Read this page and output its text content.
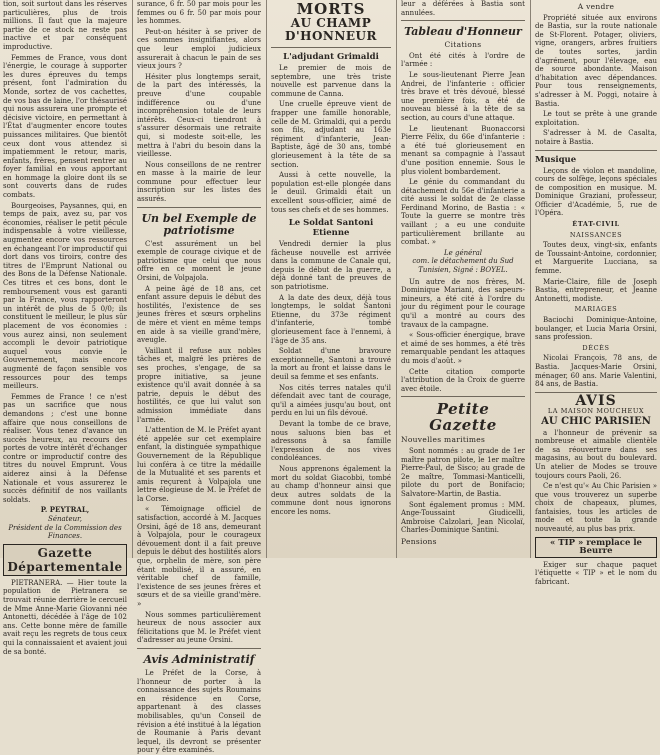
tion, soit surtout dans les réserves particulières, plus de trois millions. Il faut que la majeure partie de ce stock ne reste pas inactive et par conséquent improductive.

Femmes de France, vous dont l'énergie, le courage à supporter les dures épreuves du temps présent, font l'admiration du Monde, sortez de vos cachettes, de vos bas de laine, l'or thésaurisé qui nous assurera une prompte et décisive victoire, en permettant à l'État d'augmenter encore toutes puissances militaires. Que bientôt ceux dont vous attendez si impatiemment le retour, maris, enfants, frères, pensent rentrer au foyer familial en vous apportant en hommage la gloire dont ils se sont couverts dans de rudes combats.

Bourgeoises, Paysannes, qui, en temps de paix, avez su, par vos économies, réaliser le petit pécule indispensable à votre vieillesse, augmentez encore vos ressources en échangeant l'or improductif qui dort dans vos tiroirs, contre des titres de l'Emprunt National ou des Bons de la Défense Nationale. Ces titres et ces bons, dont le remboursement vous est garanti par la France, vous rapporteront un intérêt de plus de 5 0/0; ils constituent le meilleur, le plus sûr placement de vos économies : vous aurez ainsi, non seulement accompli le devoir patriotique auquel vous convie le Gouvernement, mais encore augmenté de façon sensible vos ressources pour des temps meilleurs.

Femmes de France ! ce n'est pas un sacrifice que nous demandons ; c'est une bonne affaire que nous conseillons de réaliser. Vous tenez d'avance un succès heureux, au recours des portes de votre intérêt d'échanger contre or improductif contre des titres du nouvel Emprunt. Vous aiderez ainsi à la Défense Nationale et vous assurerez le succès définitif de nos vaillants soldats.

P. PEYTRAL,
Sénateur,
Président de la Commission des Finances.
Gazette Départementale

PIETRANERA. — Hier toute la population de Pietranera se trouvait réunie derrière le cercueil de Mme Anne-Marie Giovanni née Antonetti, décédée à l'âge de 102 ans. Cette bonne mère de famille avait reçu les regrets de tous ceux qui la connaissaient et avaient joui de sa bonté.

surance, 6 fr. 50 par mois pour les femmes ou 6 fr. 50 par mois pour les hommes.

Peut-on hésiter à se priver de ces sommes insignifiantes, alors que leur emploi judicieux assurerait à chacun le pain de ses vieux jours ?

Hésiter plus longtemps serait, de la part des intéressés, la preuve d'une coupable indifférence ou d'une incompréhension totale de leurs intérêts. Ceux-ci tiendront à s'assurer désormais une retraite qui, si modeste soit-elle, les mettra à l'abri du besoin dans la vieillesse.

Nous conseillons de ne rentrer en masse à la mairie de leur commune pour effectuer leur inscription sur les listes des assurés.

Un bel Exemple de patriotisme

C'est assurément un bel exemple de courage civique et de patriotisme que celui que nous offre en ce moment le jeune Orsini, de Volpajola.

A peine âgé de 18 ans, cet enfant assure depuis le début des hostilités, l'existence de ses jeunes frères et sœurs orphelins de mère et vient en même temps en aide à sa vieille grand'mère, aveugle.

Vaillant il refuse aux nobles tâches et, malgré les prières de ses proches, s'engage, de sa propre initiative, sa jeune existence qu'il avait donnée à sa patrie, depuis le début des hostilités, ce que lui valut son admission immédiate dans l'armée.

L'attention de M. le Préfet ayant été appelée sur cet exemplaire enfant, la distinguée sympathique Gouvernement de la République lui conféra à ce titre la médaille de la Mutualité et ses parents et amis reçurent à Volpajola une lettre élogieuse de M. le Préfet de la Corse.

« Témoignage officiel de satisfaction, accordé à M. Jacques Orsini, âgé de 18 ans, demeurant à Volpajola, pour le courageux dévouement dont il a fait preuve depuis le début des hostilités alors que, orphelin de mère, son père étant mobilisé, il a assuré, en véritable chef de famille, l'existence de ses jeunes frères et sœurs et de sa vieille grand'mère. »

Nous sommes particulièrement heureux de nous associer aux félicitations que M. le Préfet vient d'adresser au jeune Orsini.

Avis Administratif

Le Préfet de la Corse, à l'honneur de porter à la connaissance des sujets Roumains en résidence en Corse, appartenant à des classes mobilisables, qu'un Conseil de révision a été institué à la légation de Roumanie à Paris devant lequel, ils devront se présenter pour y être examinés.

MORTS
AU CHAMP D'HONNEUR
L'adjudant Grimaldi

Le premier de mois de septembre, une très triste nouvelle est parvenue dans la commune de Canna.

Une cruelle épreuve vient de frapper une famille honorable, celle de M. Grimaldi, qui a perdu son fils, adjudant au 163e régiment d'infanterie, Jean-Baptiste, âgé de 30 ans, tombé glorieusement à la tête de sa section.

Aussi à cette nouvelle, la population est-elle plongée dans le deuil. Grimaldi était un excellent sous-officier, aimé de tous ses chefs et de ses hommes.

Le Soldat Santoni Etienne

Vendredi dernier la plus fâcheuse nouvelle est arrivée dans la commune de Canale qui, depuis le début de la guerre, a déjà donné tant de preuves de son patriotisme.

A la date des deux, déjà tous longtemps, le soldat Santoni Etienne, du 373e régiment d'infanterie, tombé glorieusement face à l'ennemi, à l'âge de 35 ans.

Soldat d'une bravoure exceptionnelle, Santoni a trouvé la mort au front et laisse dans le deuil sa femme et ses enfants.

Nos cités terres natales qu'il défendait avec tant de courage, qu'il a aimées jusqu'au bout, ont perdu en lui un fils dévoué.

Devant la tombe de ce brave, nous saluons bien bas et adressons à sa famille l'expression de nos vives condoléances.

Nous apprenons également la mort du soldat Giacobbi, tombé au champ d'honneur ainsi que deux autres soldats de la commune dont nous ignorons encore les noms.

leur a déférées à Bastia sont annulées.

Tableau d'Honneur
Citations

Ont été cités à l'ordre de l'armée :

Le sous-lieutenant Pierre Jean Andrei, de l'infanterie : officier très brave et très dévoué, blessé une première fois, a été de nouveau blessé à la tête de sa section, au cours d'une attaque.

Le lieutenant Buonaccorsi Pierre Félix, du 66e d'infanterie : a été tué glorieusement en menant sa compagnie à l'assaut d'une position ennemie. Sous le plus violent bombardement.

Le génie du commandant du détachement du 56e d'infanterie a cité aussi le soldat de 2e classe Ferdinand Morino, de Bastia : « Toute la guerre se montre très vaillant ; a eu une conduite particulièrement brillante au combat. »

Le général
com. le détachement du Sud Tunisien, Signé : BOYEL.

Un autre de nos frères, M. Dominique Mariani, des sapeurs-mineurs, a été cité à l'ordre du jour du régiment pour le courage qu'il a montré au cours des travaux de la campagne.

« Sous-officier énergique, brave et aimé de ses hommes, a été très remarquable pendant les attaques du mois d'août. »

Cette citation comporte l'attribution de la Croix de guerre avec étoile.

Petite Gazette
Nouvelles maritimes

Sont nommés : au grade de 1er maître patron pilote, le 1er maître Pierre-Paul, de Sisco; au grade de 2e maître, Tommasi-Manticelli, pilote du port de Bonifacio; Salvatore-Martin, de Bastia.

Sont également promus : MM. Ange-Toussaint Giudicelli, Ambroise Calzolari, Jean Nicolaï, Charles-Dominique Santini.

Pensions
A vendre

Propriété située aux environs de Bastia, sur la route nationale de St-Florent. Potager, oliviers, vigne, orangers, arbres fruitiers de toutes sortes, jardin d'agrément, pour l'élevage, eau de source abondante. Maison d'habitation avec dépendances. Pour tous renseignements, s'adresser à M. Poggi, notaire à Bastia.

Le tout se prête à une grande exploitation.

S'adresser à M. de Casalta, notaire à Bastia.

Musique

Leçons de violon et mandoline, cours de solfège, leçons spéciales de composition en musique. M. Dominique Graziani, professeur, Officier d'Académie, 5, rue de l'Opéra.

ÉTAT-CIVIL
NAISSANCES

Toutes deux, vingt-six, enfants de Toussaint-Antoine, cordonnier, et Marguerite Lucciana, sa femme.

Marie-Claire, fille de Joseph Bastia, entrepreneur, et Jeanne Antonetti, modiste.

MARIAGES

Baciochi Dominique-Antoine, boulanger, et Lucia Maria Orsini, sans profession.

DÉCÈS

Nicolai François, 78 ans, de Bastia. Jacques-Marie Orsini, ménager, 60 ans. Marie Valentini, 84 ans, de Bastia.

AVIS
LA MAISON MOUCHEUX
AU CHIC PARISIEN

a l'honneur de prévenir sa nombreuse et aimable clientèle de sa réouverture dans ses magasins, au bout du boulevard. Un atelier de Modes se trouve toujours cours Paoli, 26.

Ce n'est qu'« Au Chic Parisien » que vous trouverez un superbe choix de chapeaux, plumes, fantaisies, tous les articles de mode et toute la grande nouveauté, au plus bas prix.

« TIP » remplace le Beurre

Exiger sur chaque paquet l'étiquette « TIP » et le nom du fabricant.
